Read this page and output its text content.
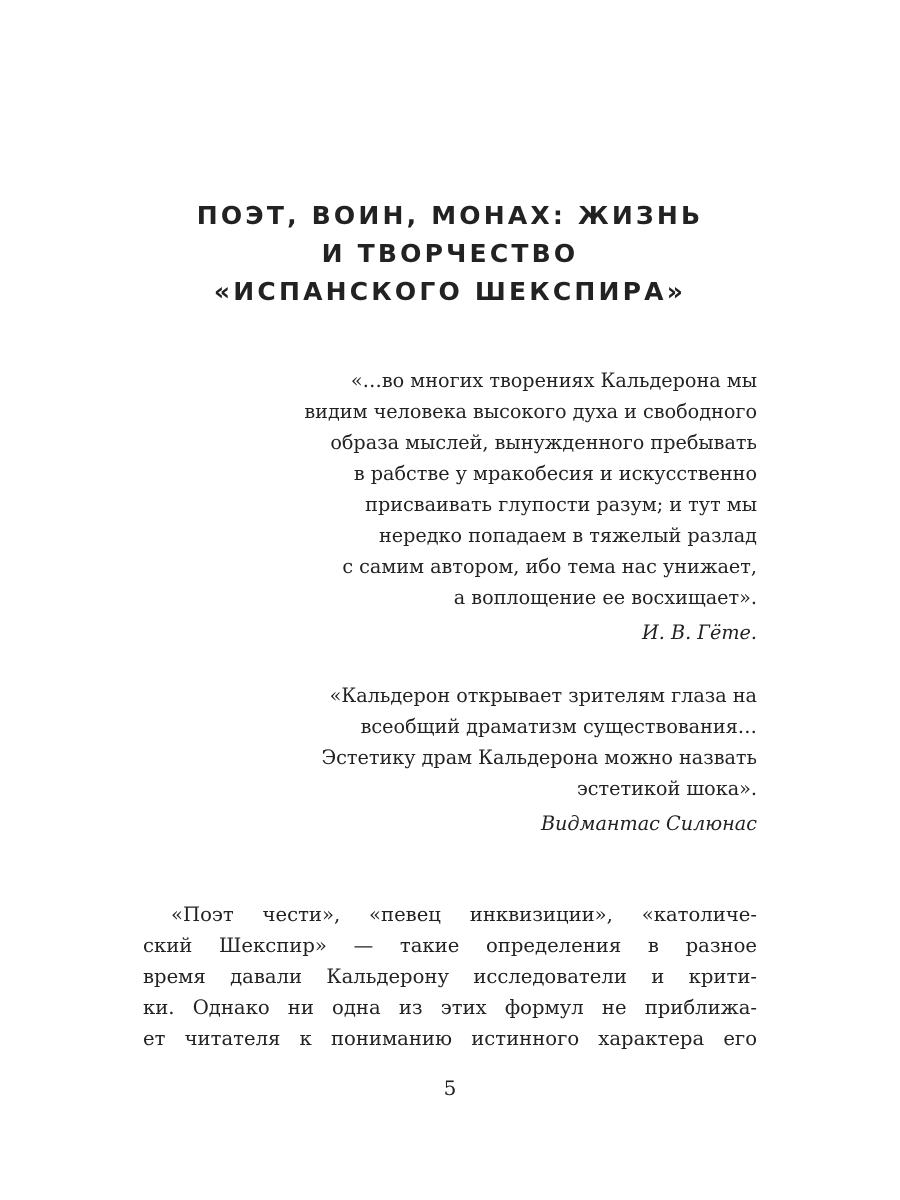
ПОЭТ, ВОИН, МОНАХ: ЖИЗНЬ
И ТВОРЧЕСТВО
«ИСПАНСКОГО ШЕКСПИРА»
«…во многих творениях Кальдерона мы
видим человека высокого духа и свободного
образа мыслей, вынужденного пребывать
в рабстве у мракобесия и искусственно
присваивать глупости разум; и тут мы
нередко попадаем в тяжелый разлад
с самим автором, ибо тема нас унижает,
а воплощение ее восхищает».
И. В. Гёте.
«Кальдерон открывает зрителям глаза на
всеобщий драматизм существования…
Эстетику драм Кальдерона можно назвать
эстетикой шока».
Видмантас Силюнас
«Поэт чести», «певец инквизиции», «католиче-
ский Шекспир» — такие определения в разное
время давали Кальдерону исследователи и крити-
ки. Однако ни одна из этих формул не приближа-
ет читателя к пониманию истинного характера его
5
